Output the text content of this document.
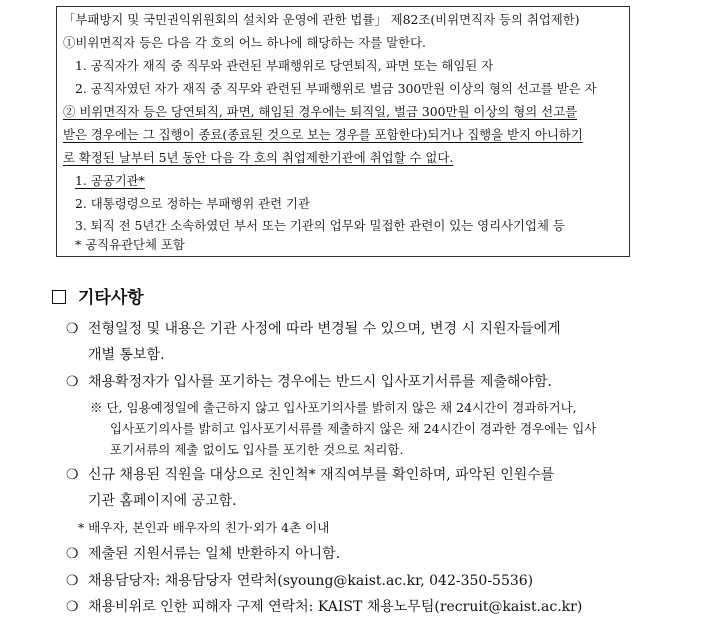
「부패방지 및 국민권익위원회의 설치와 운영에 관한 법률」 제82조(비위면직자 등의 취업제한)
①비위면직자 등은 다음 각 호의 어느 하나에 해당하는 자를 말한다.
1. 공직자가 재직 중 직무와 관련된 부패행위로 당연퇴직, 파면 또는 해임된 자
2. 공직자였던 자가 재직 중 직무와 관련된 부패행위로 벌금 300만원 이상의 형의 선고를 받은 자
② 비위면직자 등은 당연퇴직, 파면, 해임된 경우에는 퇴직일, 벌금 300만원 이상의 형의 선고를
받은 경우에는 그 집행이 종료(종료된 것으로 보는 경우를 포함한다)되거나 집행을 받지 아니하기
로 확정된 날부터 5년 동안 다음 각 호의 취업제한기관에 취업할 수 없다.
1. 공공기관*
2. 대통령령으로 정하는 부패행위 관련 기관
3. 퇴직 전 5년간 소속하였던 부서 또는 기관의 업무와 밀접한 관련이 있는 영리사기업체 등
* 공직유관단체 포함
기타사항
❍ 전형일정 및 내용은 기관 사정에 따라 변경될 수 있으며, 변경 시 지원자들에게
개별 통보함.
❍ 채용확정자가 입사를 포기하는 경우에는 반드시 입사포기서류를 제출해야함.
※ 단, 임용예정일에 출근하지 않고 입사포기의사를 밝히지 않은 채 24시간이 경과하거나,
입사포기의사를 밝히고 입사포기서류를 제출하지 않은 채 24시간이 경과한 경우에는 입사
포기서류의 제출 없이도 입사를 포기한 것으로 처리함.
❍ 신규 채용된 직원을 대상으로 친인척* 재직여부를 확인하며, 파악된 인원수를
기관 홈페이지에 공고함.
* 배우자, 본인과 배우자의 친가·외가 4촌 이내
❍ 제출된 지원서류는 일체 반환하지 아니함.
❍ 채용담당자: 채용담당자 연락처(syoung@kaist.ac.kr, 042-350-5536)
❍ 채용비위로 인한 피해자 구제 연락처: KAIST 채용노무팀(recruit@kaist.ac.kr)
